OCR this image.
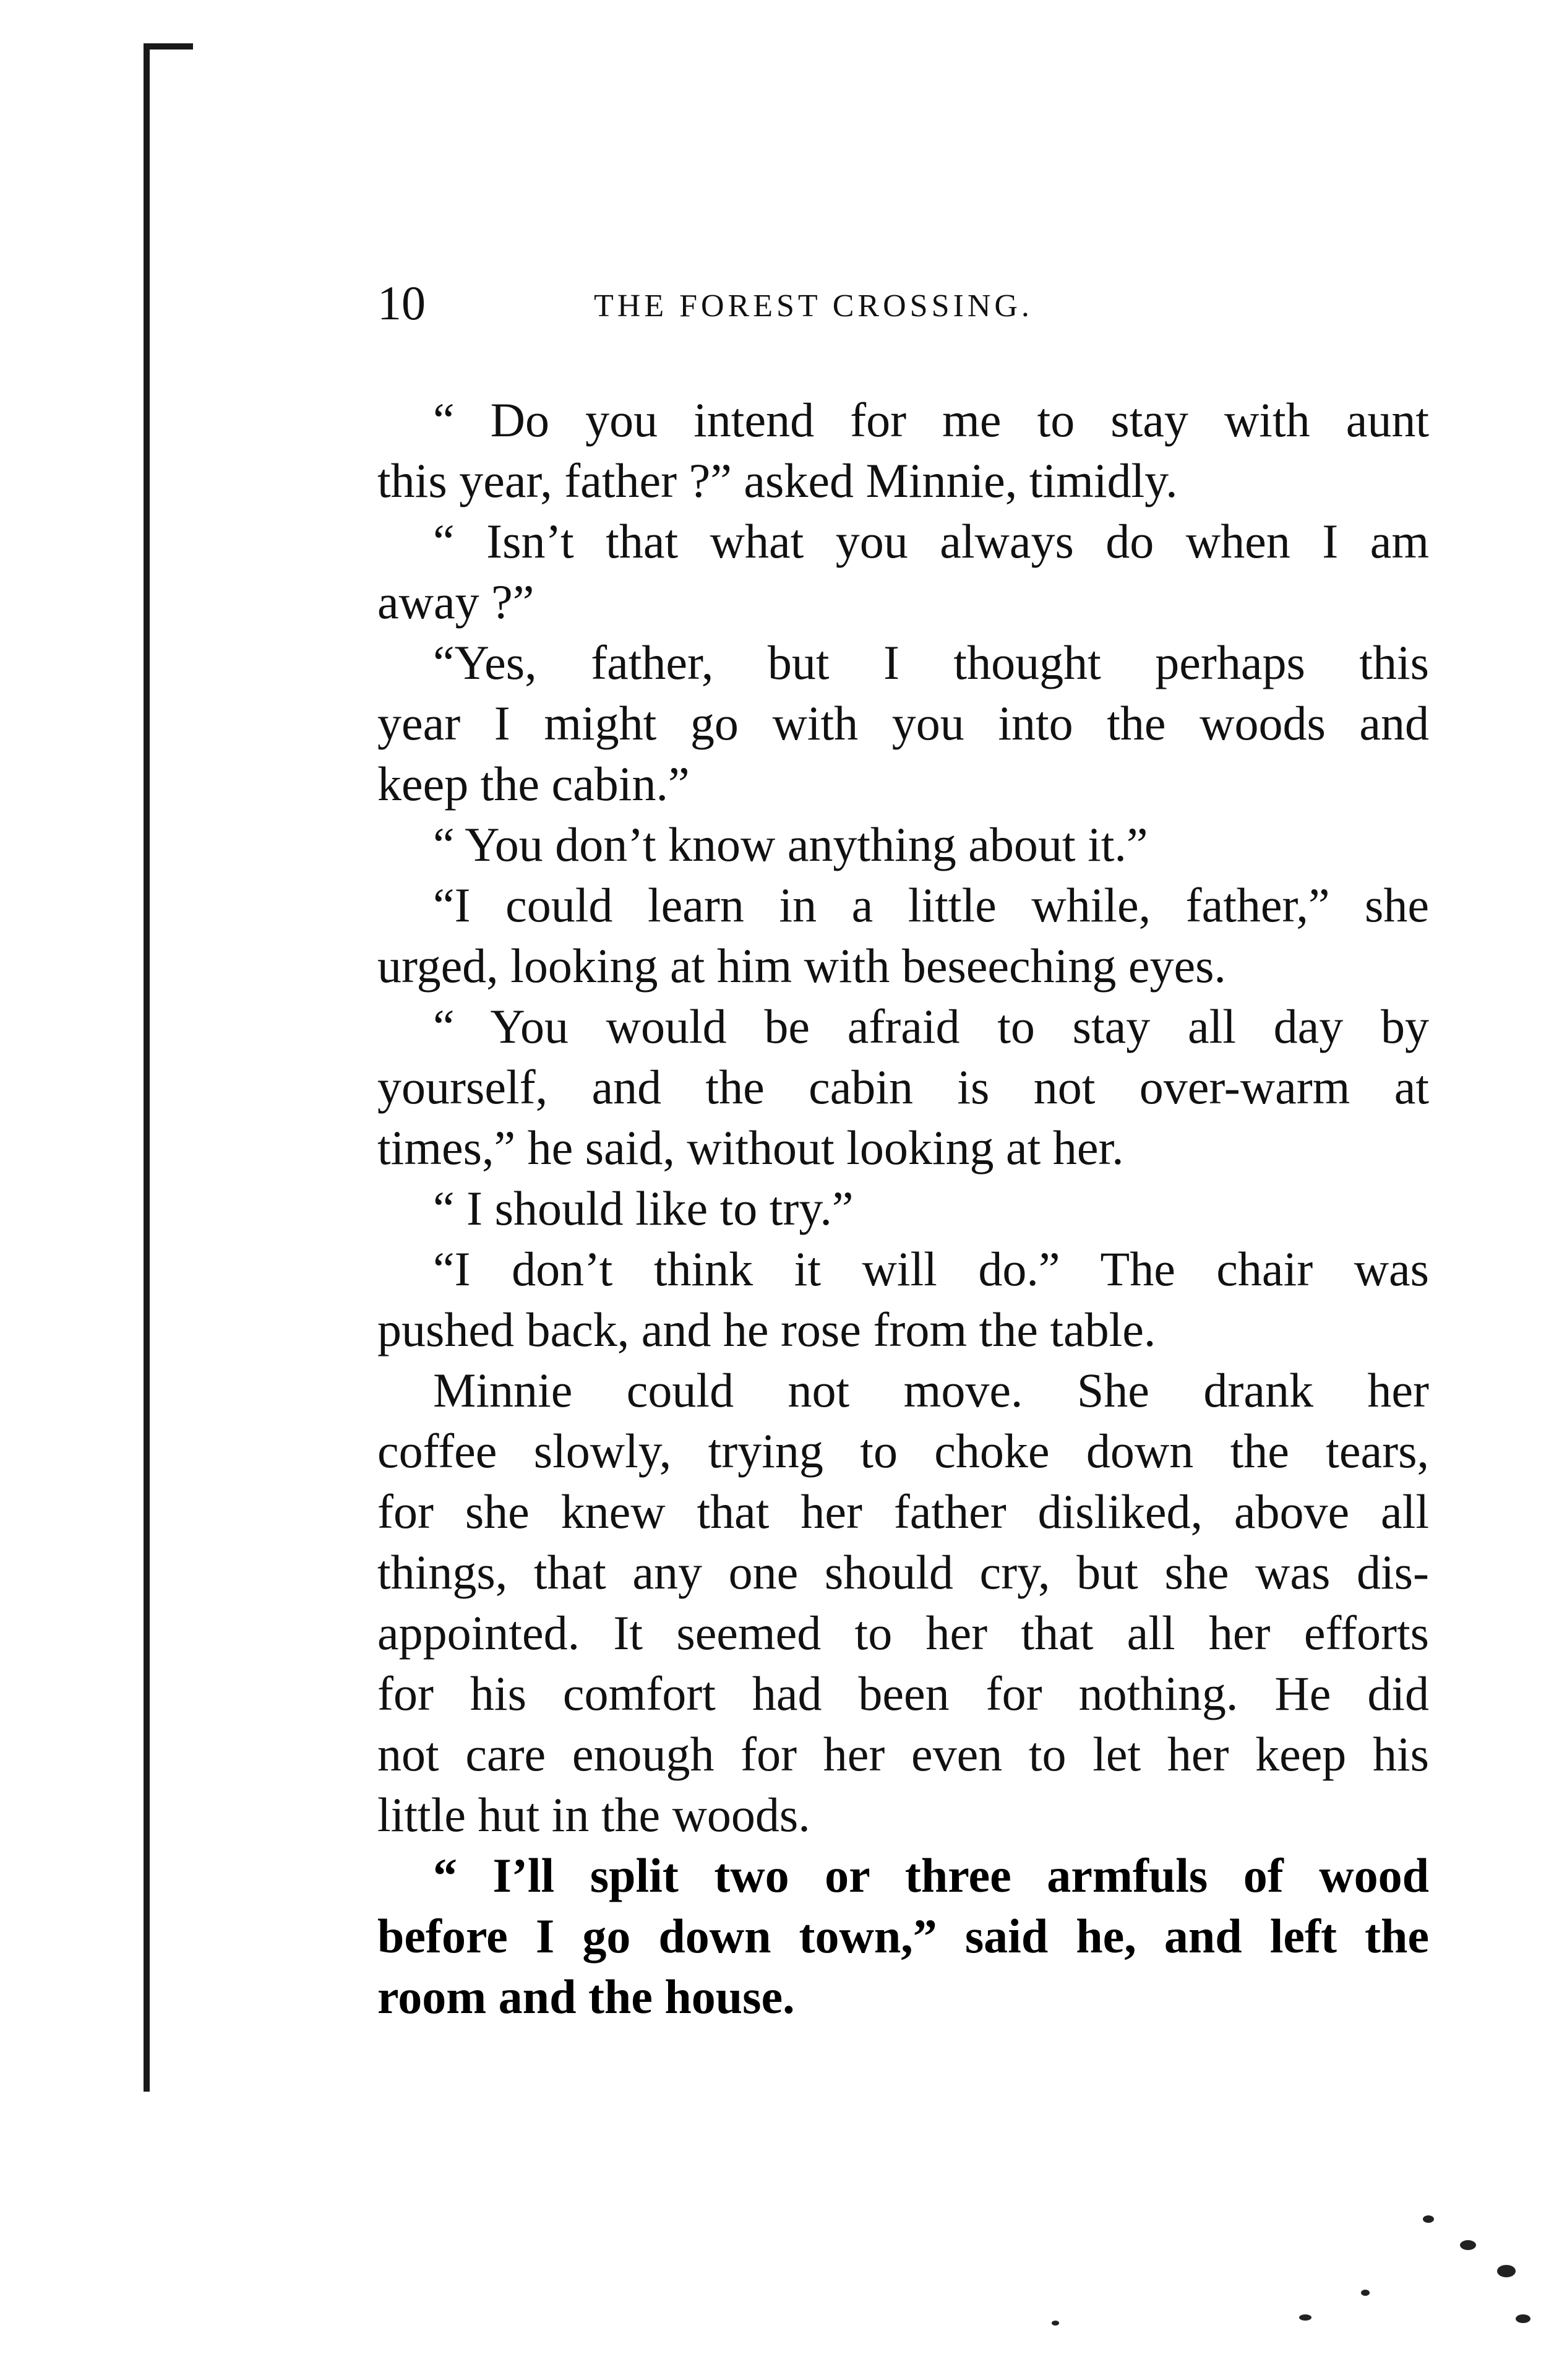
10	THE FOREST CROSSING.
“ Do you intend for me to stay with aunt
this year, father ?” asked Minnie, timidly.
“ Isn’t that what you always do when I am
away ?”
“Yes, father, but I thought perhaps this
year I might go with you into the woods and
keep the cabin.”
“ You don’t know anything about it.”
“I could learn in a little while, father,” she
urged, looking at him with beseeching eyes.
“ You would be afraid to stay all day by
yourself, and the cabin is not over-warm at
times,” he said, without looking at her.
“ I should like to try.”
“I don’t think it will do.” The chair was
pushed back, and he rose from the table.
Minnie could not move. She drank her
coffee slowly, trying to choke down the tears,
for she knew that her father disliked, above all
things, that any one should cry, but she was dis-
appointed. It seemed to her that all her efforts
for his comfort had been for nothing. He did
not care enough for her even to let her keep his
little hut in the woods.
“ I’ll split two or three armfuls of wood
before I go down town,” said he, and left the
room and the house.
